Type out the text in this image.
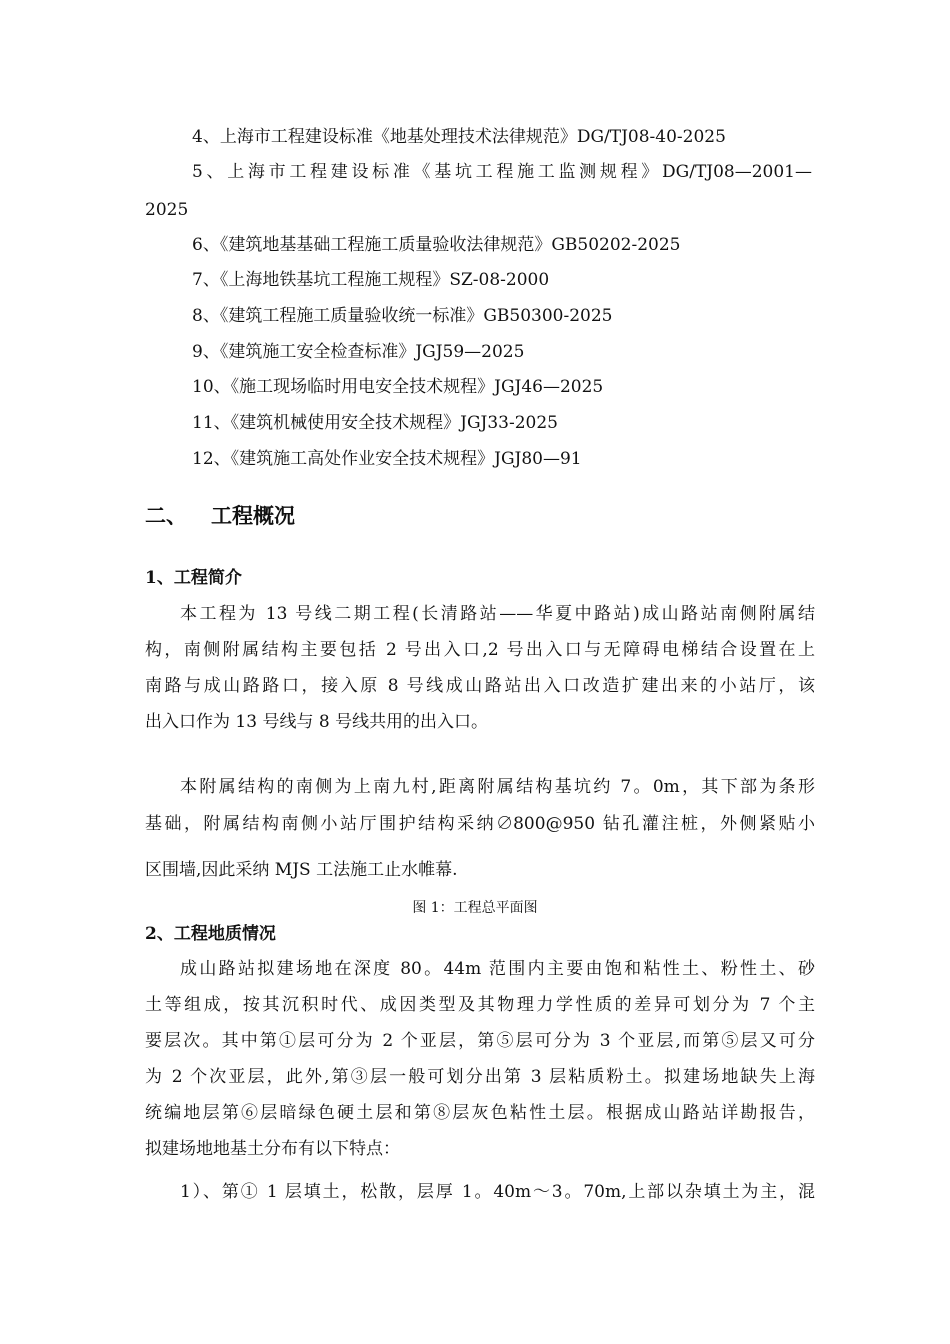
4、上海市工程建设标准《地基处理技术法律规范》DG/TJ08-40-2025
5、上海市工程建设标准《基坑工程施工监测规程》DG/TJ08—2001—
2025
6、《建筑地基基础工程施工质量验收法律规范》GB50202-2025
7、《上海地铁基坑工程施工规程》SZ-08-2000
8、《建筑工程施工质量验收统一标准》GB50300-2025
9、《建筑施工安全检查标准》JGJ59—2025
10、《施工现场临时用电安全技术规程》JGJ46—2025
11、《建筑机械使用安全技术规程》JGJ33-2025
12、《建筑施工高处作业安全技术规程》JGJ80—91
二、 工程概况
1、工程简介
本工程为 13 号线二期工程(长清路站——华夏中路站)成山路站南侧附属结
构，南侧附属结构主要包括 2 号出入口,2 号出入口与无障碍电梯结合设置在上
南路与成山路路口，接入原 8 号线成山路站出入口改造扩建出来的小站厅，该
出入口作为 13 号线与 8 号线共用的出入口。
本附属结构的南侧为上南九村,距离附属结构基坑约 7。0m，其下部为条形
基础，附属结构南侧小站厅围护结构采纳∅800@950 钻孔灌注桩，外侧紧贴小
区围墙,因此采纳 MJS 工法施工止水帷幕.
图 1：工程总平面图
2、工程地质情况
成山路站拟建场地在深度 80。44m 范围内主要由饱和粘性土、粉性土、砂
土等组成，按其沉积时代、成因类型及其物理力学性质的差异可划分为 7 个主
要层次。其中第①层可分为 2 个亚层，第⑤层可分为 3 个亚层,而第⑤层又可分
为 2 个次亚层，此外,第③层一般可划分出第 3 层粘质粉土。拟建场地缺失上海
统编地层第⑥层暗绿色硬土层和第⑧层灰色粘性土层。根据成山路站详勘报告，
拟建场地地基土分布有以下特点：
1）、第① 1 层填土，松散，层厚 1。40m～3。70m,上部以杂填土为主，混
